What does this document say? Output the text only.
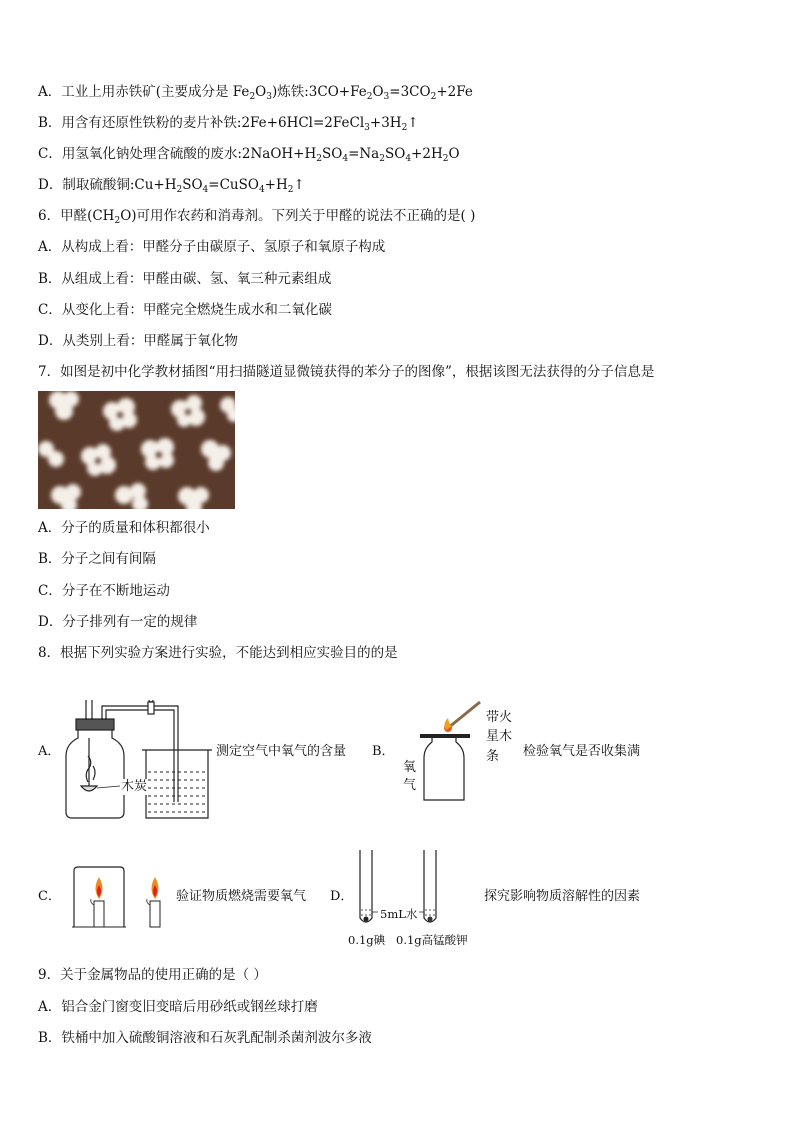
A．工业上用赤铁矿(主要成分是 $Fe_2O_3$)炼铁$:3CO+Fe_2O_3=3CO_2+2Fe$
B．用含有还原性铁粉的麦片补铁$:2Fe+6HCl=2FeCl_3+3H_2↑$
C．用氢氧化钠处理含硫酸的废水$:2NaOH+H_2SO_4=Na_2SO_4+2H_2O$
D．制取硫酸铜$:Cu+H_2SO_4=CuSO_4+H_2↑$
6．甲醛$(CH_2O)$可用作农药和消毒剂。下列关于甲醛的说法不正确的是( )
A．从构成上看：甲醛分子由碳原子、氢原子和氧原子构成
B．从组成上看：甲醛由碳、氢、氧三种元素组成
C．从变化上看：甲醛完全燃烧生成水和二氧化碳
D．从类别上看：甲醛属于氧化物
7．如图是初中化学教材插图“用扫描隧道显微镜获得的苯分子的图像”，根据该图无法获得的分子信息是
A．分子的质量和体积都很小
B．分子之间有间隔
C．分子在不断地运动
D．分子排列有一定的规律
8．根据下列实验方案进行实验，不能达到相应实验目的的是
A．
木炭
测定空气中氧气的含量 B．
带火
星木
条
氧
气
检验氧气是否收集满
C．	验证物质燃烧需要氧气 D．
5mL水
0.1g碘 0.1g高锰酸钾
探究影响物质溶解性的因素
9．关于金属物品的使用正确的是（ ）
A．铝合金门窗变旧变暗后用砂纸或钢丝球打磨
B．铁桶中加入硫酸铜溶液和石灰乳配制杀菌剂波尔多液
